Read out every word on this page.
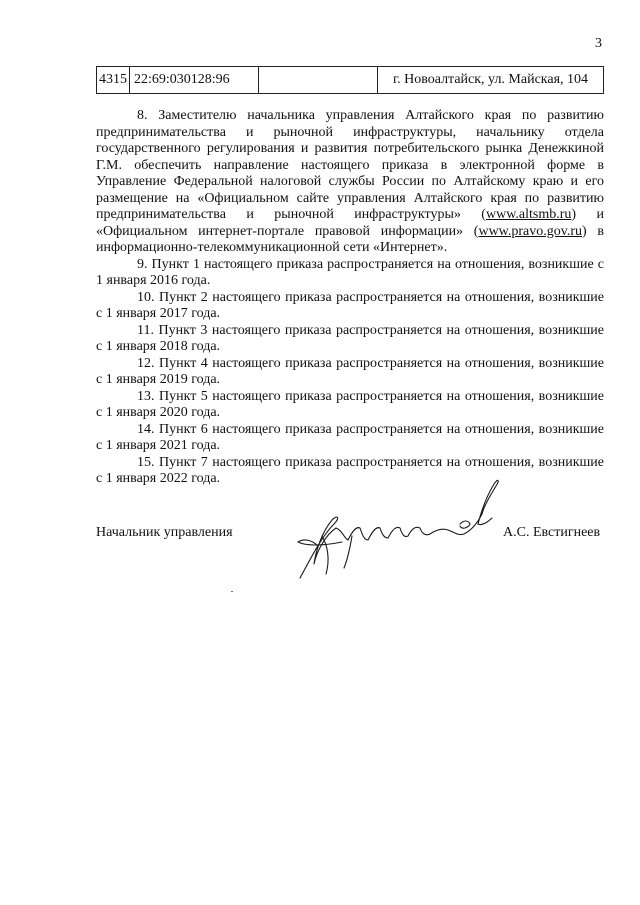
3
4315	22:69:030128:96		г. Новоалтайск, ул. Майская, 104

8. Заместителю начальника управления Алтайского края по развитию предпринимательства и рыночной инфраструктуры, начальнику отдела государственного регулирования и развития потребительского рынка Денежкиной Г.М. обеспечить направление настоящего приказа в электронной форме в Управление Федеральной налоговой службы России по Алтайскому краю и его размещение на «Официальном сайте управления Алтайского края по развитию предпринимательства и рыночной инфраструктуры» (www.altsmb.ru) и «Официальном интернет-портале правовой информации» (www.pravo.gov.ru) в информационно-телекоммуникационной сети «Интернет».

9. Пункт 1 настоящего приказа распространяется на отношения, возникшие с 1 января 2016 года.

10. Пункт 2 настоящего приказа распространяется на отношения, возникшие с 1 января 2017 года.

11. Пункт 3 настоящего приказа распространяется на отношения, возникшие с 1 января 2018 года.

12. Пункт 4 настоящего приказа распространяется на отношения, возникшие с 1 января 2019 года.

13. Пункт 5 настоящего приказа распространяется на отношения, возникшие с 1 января 2020 года.

14. Пункт 6 настоящего приказа распространяется на отношения, возникшие с 1 января 2021 года.

15. Пункт 7 настоящего приказа распространяется на отношения, возникшие с 1 января 2022 года.

Начальник управления	А.С. Евстигнеев
